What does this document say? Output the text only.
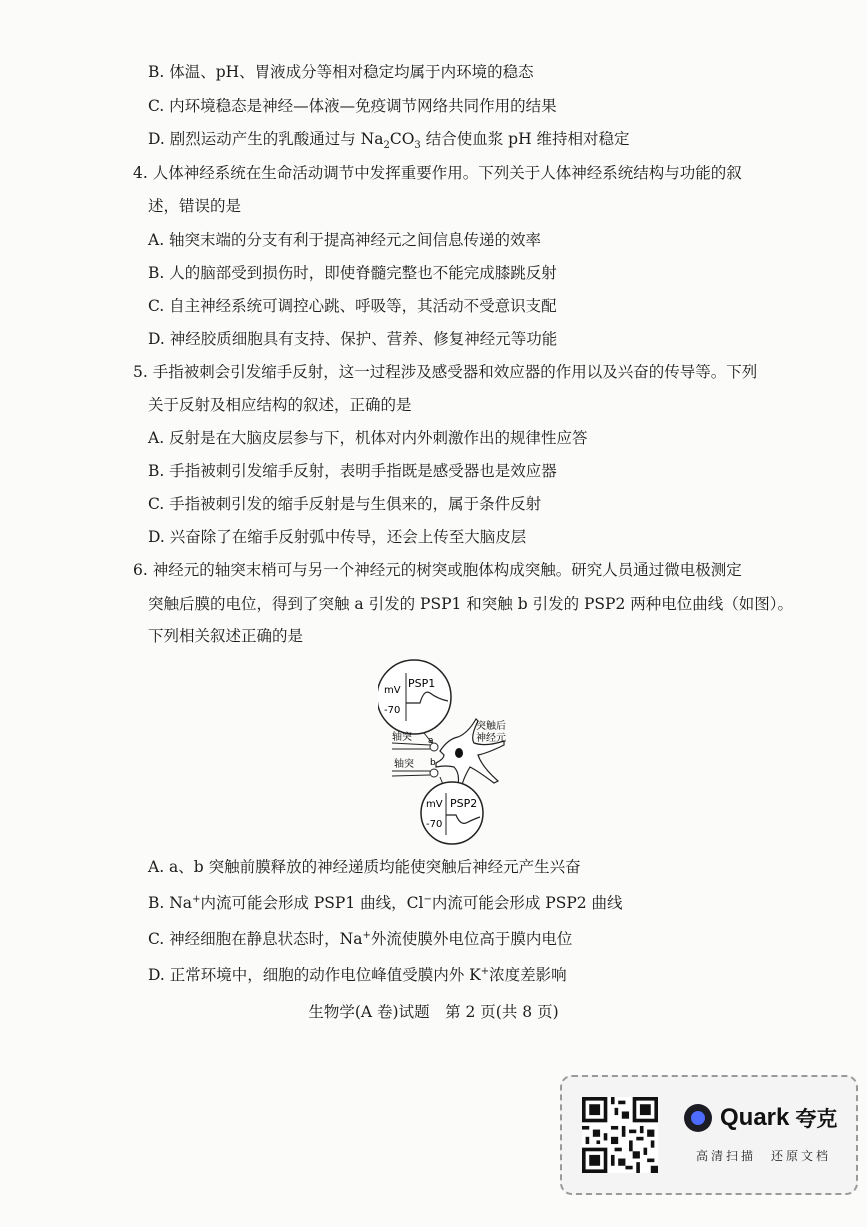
B. 体温、pH、胃液成分等相对稳定均属于内环境的稳态
C. 内环境稳态是神经—体液—免疫调节网络共同作用的结果
D. 剧烈运动产生的乳酸通过与 $Na_2CO_3$ 结合使血浆 pH 维持相对稳定
4. 人体神经系统在生命活动调节中发挥重要作用。下列关于人体神经系统结构与功能的叙
述，错误的是
A. 轴突末端的分支有利于提高神经元之间信息传递的效率
B. 人的脑部受到损伤时，即使脊髓完整也不能完成膝跳反射
C. 自主神经系统可调控心跳、呼吸等，其活动不受意识支配
D. 神经胶质细胞具有支持、保护、营养、修复神经元等功能
5. 手指被刺会引发缩手反射，这一过程涉及感受器和效应器的作用以及兴奋的传导等。下列
关于反射及相应结构的叙述，正确的是
A. 反射是在大脑皮层参与下，机体对内外刺激作出的规律性应答
B. 手指被刺引发缩手反射，表明手指既是感受器也是效应器
C. 手指被刺引发的缩手反射是与生俱来的，属于条件反射
D. 兴奋除了在缩手反射弧中传导，还会上传至大脑皮层
6. 神经元的轴突末梢可与另一个神经元的树突或胞体构成突触。研究人员通过微电极测定
突触后膜的电位，得到了突触 a 引发的 PSP1 和突触 b 引发的 PSP2 两种电位曲线（如图）。
下列相关叙述正确的是
mV
-70
PSP1
轴突 a
轴突 b
突触后
神经元
mV
-70
PSP2
A. a、b 突触前膜释放的神经递质均能使突触后神经元产生兴奋
B. Na+内流可能会形成 PSP1 曲线，Cl−内流可能会形成 PSP2 曲线
C. 神经细胞在静息状态时，Na+外流使膜外电位高于膜内电位
D. 正常环境中，细胞的动作电位峰值受膜内外 K+浓度差影响
生物学(A 卷)试题　第 2 页(共 8 页)
Quark 夸克
高清扫描　还原文档
